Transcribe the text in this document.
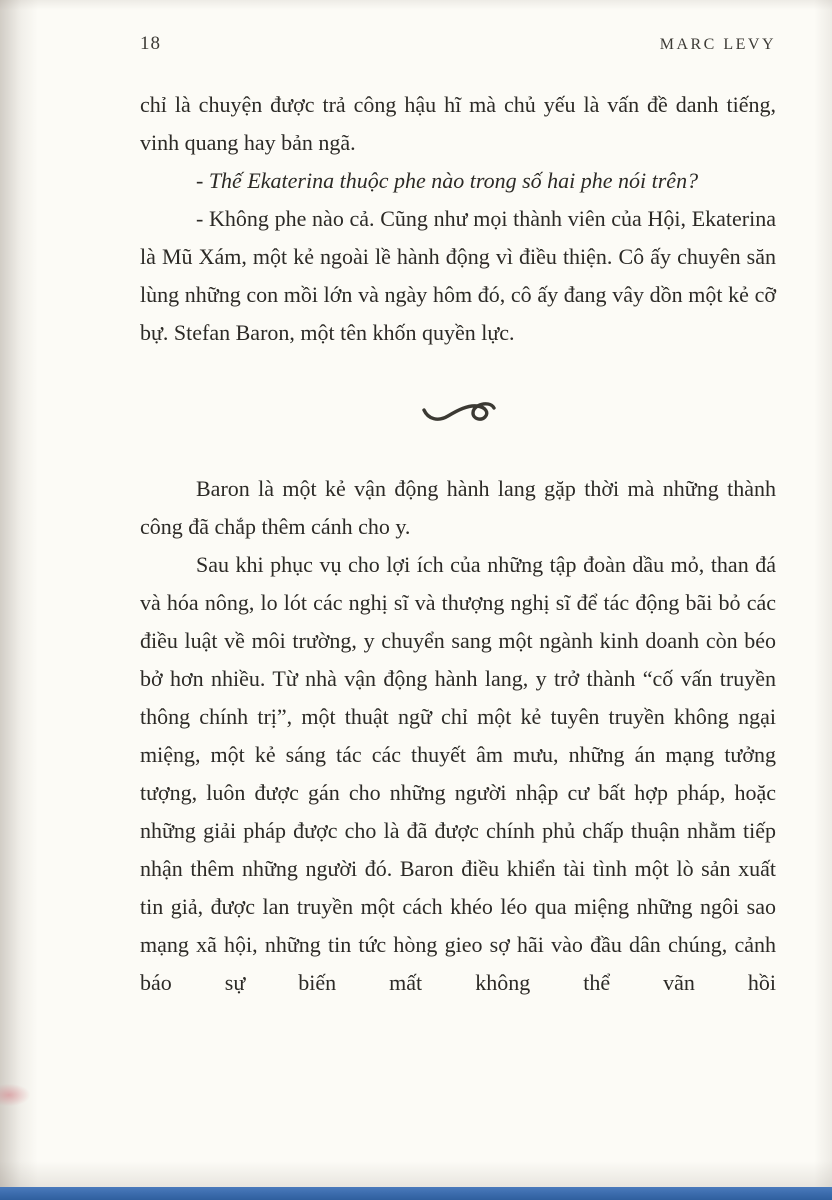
18	MARC LEVY

chỉ là chuyện được trả công hậu hĩ mà chủ yếu là vấn đề danh tiếng, vinh quang hay bản ngã.

- Thế Ekaterina thuộc phe nào trong số hai phe nói trên?

- Không phe nào cả. Cũng như mọi thành viên của Hội, Ekaterina là Mũ Xám, một kẻ ngoài lề hành động vì điều thiện. Cô ấy chuyên săn lùng những con mồi lớn và ngày hôm đó, cô ấy đang vây dồn một kẻ cỡ bự. Stefan Baron, một tên khốn quyền lực.

Baron là một kẻ vận động hành lang gặp thời mà những thành công đã chắp thêm cánh cho y.

Sau khi phục vụ cho lợi ích của những tập đoàn dầu mỏ, than đá và hóa nông, lo lót các nghị sĩ và thượng nghị sĩ để tác động bãi bỏ các điều luật về môi trường, y chuyển sang một ngành kinh doanh còn béo bở hơn nhiều. Từ nhà vận động hành lang, y trở thành “cố vấn truyền thông chính trị”, một thuật ngữ chỉ một kẻ tuyên truyền không ngại miệng, một kẻ sáng tác các thuyết âm mưu, những án mạng tưởng tượng, luôn được gán cho những người nhập cư bất hợp pháp, hoặc những giải pháp được cho là đã được chính phủ chấp thuận nhằm tiếp nhận thêm những người đó. Baron điều khiển tài tình một lò sản xuất tin giả, được lan truyền một cách khéo léo qua miệng những ngôi sao mạng xã hội, những tin tức hòng gieo sợ hãi vào đầu dân chúng, cảnh báo sự biến mất không thể vãn hồi
